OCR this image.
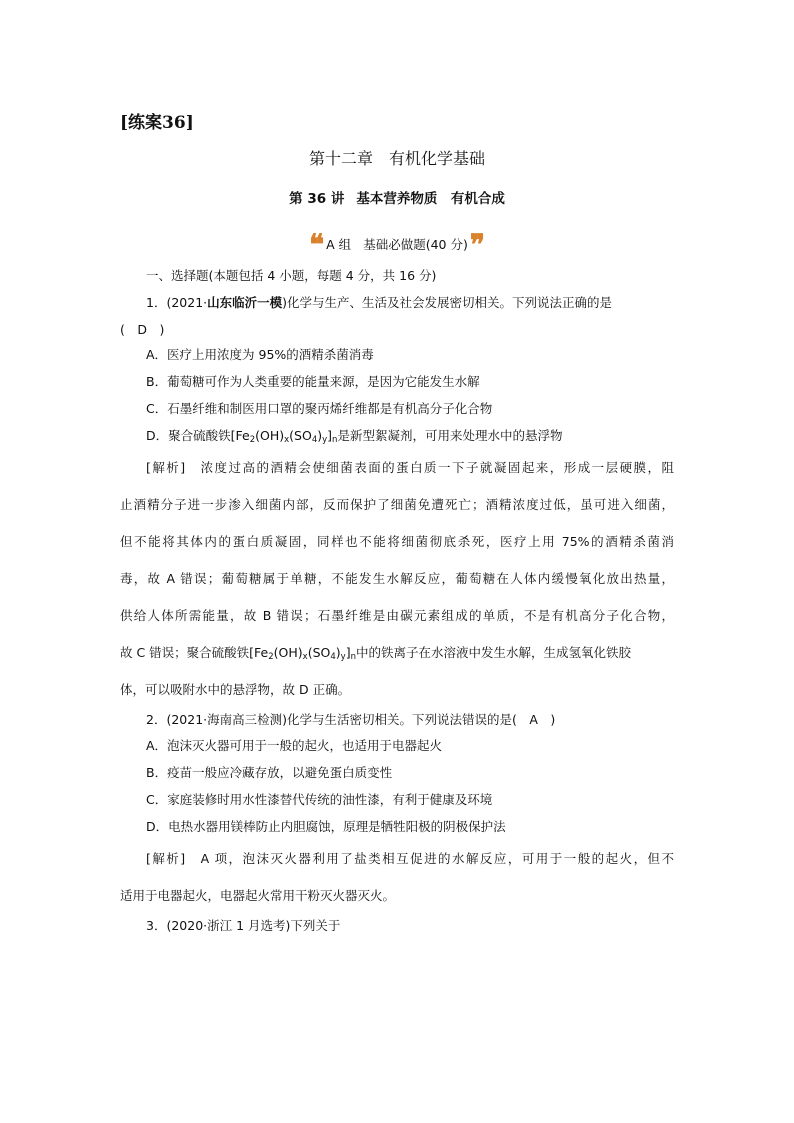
[练案36]
第十二章　有机化学基础
第 36 讲 基本营养物质　有机合成
❝ A 组 基础必做题(40 分) ❞
一、选择题(本题包括 4 小题，每题 4 分，共 16 分)
1．(2021·山东临沂一模)化学与生产、生活及社会发展密切相关。下列说法正确的是
(　D　)
A．医疗上用浓度为 95%的酒精杀菌消毒
B．葡萄糖可作为人类重要的能量来源，是因为它能发生水解
C．石墨纤维和制医用口罩的聚丙烯纤维都是有机高分子化合物
D．聚合硫酸铁$[Fe_2(OH)_x(SO_4)_y]_n$是新型絮凝剂，可用来处理水中的悬浮物
[解析]　浓度过高的酒精会使细菌表面的蛋白质一下子就凝固起来，形成一层硬膜，阻
止酒精分子进一步渗入细菌内部，反而保护了细菌免遭死亡；酒精浓度过低，虽可进入细菌，
但不能将其体内的蛋白质凝固，同样也不能将细菌彻底杀死，医疗上用 75%的酒精杀菌消
毒，故 A 错误；葡萄糖属于单糖，不能发生水解反应，葡萄糖在人体内缓慢氧化放出热量，
供给人体所需能量，故 B 错误；石墨纤维是由碳元素组成的单质，不是有机高分子化合物，
故 C 错误；聚合硫酸铁$[Fe_2(OH)_x(SO_4)_y]_n$中的铁离子在水溶液中发生水解，生成氢氧化铁胶
体，可以吸附水中的悬浮物，故 D 正确。
2．(2021·海南高三检测)化学与生活密切相关。下列说法错误的是(　A　)
A．泡沫灭火器可用于一般的起火，也适用于电器起火
B．疫苗一般应冷藏存放，以避免蛋白质变性
C．家庭装修时用水性漆替代传统的油性漆，有利于健康及环境
D．电热水器用镁棒防止内胆腐蚀，原理是牺牲阳极的阴极保护法
[解析]　A 项，泡沫灭火器利用了盐类相互促进的水解反应，可用于一般的起火，但不
适用于电器起火，电器起火常用干粉灭火器灭火。
3．(2020·浙江 1 月选考)下列关于
